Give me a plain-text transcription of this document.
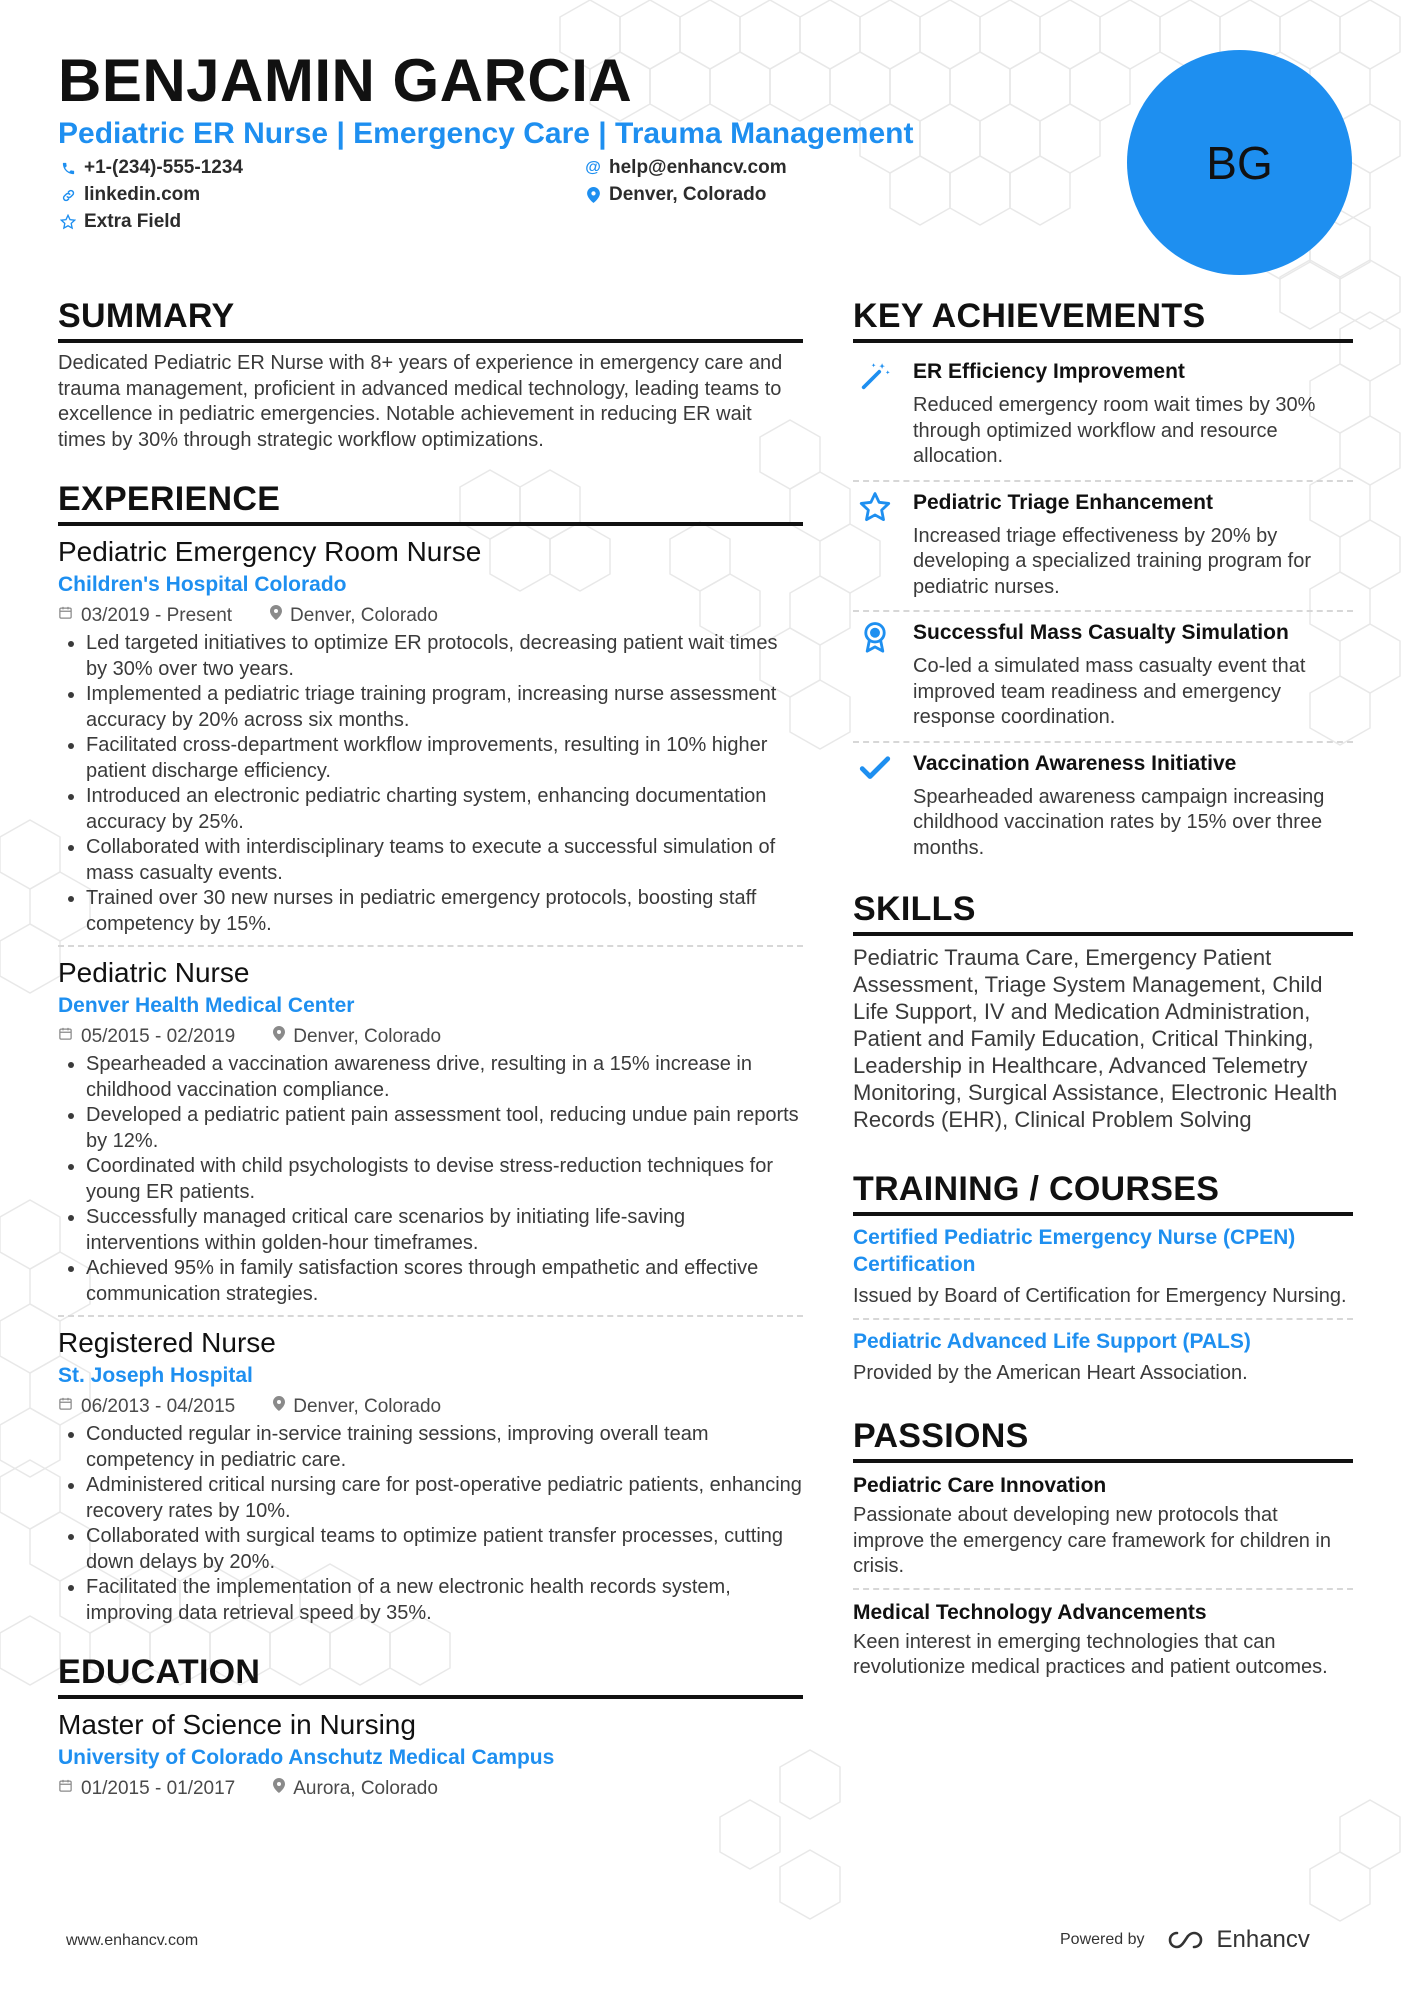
BENJAMIN GARCIA
Pediatric ER Nurse | Emergency Care | Trauma Management
+1-(234)-555-1234	@ help@enhancv.com
linkedin.com	Denver, Colorado
Extra Field
BG
SUMMARY
Dedicated Pediatric ER Nurse with 8+ years of experience in emergency care and trauma management, proficient in advanced medical technology, leading teams to excellence in pediatric emergencies. Notable achievement in reducing ER wait times by 30% through strategic workflow optimizations.
EXPERIENCE
Pediatric Emergency Room Nurse
Children's Hospital Colorado
03/2019 - Present	Denver, Colorado
• Led targeted initiatives to optimize ER protocols, decreasing patient wait times by 30% over two years.
• Implemented a pediatric triage training program, increasing nurse assessment accuracy by 20% across six months.
• Facilitated cross-department workflow improvements, resulting in 10% higher patient discharge efficiency.
• Introduced an electronic pediatric charting system, enhancing documentation accuracy by 25%.
• Collaborated with interdisciplinary teams to execute a successful simulation of mass casualty events.
• Trained over 30 new nurses in pediatric emergency protocols, boosting staff competency by 15%.
Pediatric Nurse
Denver Health Medical Center
05/2015 - 02/2019	Denver, Colorado
• Spearheaded a vaccination awareness drive, resulting in a 15% increase in childhood vaccination compliance.
• Developed a pediatric patient pain assessment tool, reducing undue pain reports by 12%.
• Coordinated with child psychologists to devise stress-reduction techniques for young ER patients.
• Successfully managed critical care scenarios by initiating life-saving interventions within golden-hour timeframes.
• Achieved 95% in family satisfaction scores through empathetic and effective communication strategies.
Registered Nurse
St. Joseph Hospital
06/2013 - 04/2015	Denver, Colorado
• Conducted regular in-service training sessions, improving overall team competency in pediatric care.
• Administered critical nursing care for post-operative pediatric patients, enhancing recovery rates by 10%.
• Collaborated with surgical teams to optimize patient transfer processes, cutting down delays by 20%.
• Facilitated the implementation of a new electronic health records system, improving data retrieval speed by 35%.
EDUCATION
Master of Science in Nursing
University of Colorado Anschutz Medical Campus
01/2015 - 01/2017	Aurora, Colorado
KEY ACHIEVEMENTS
ER Efficiency Improvement
Reduced emergency room wait times by 30% through optimized workflow and resource allocation.
Pediatric Triage Enhancement
Increased triage effectiveness by 20% by developing a specialized training program for pediatric nurses.
Successful Mass Casualty Simulation
Co-led a simulated mass casualty event that improved team readiness and emergency response coordination.
Vaccination Awareness Initiative
Spearheaded awareness campaign increasing childhood vaccination rates by 15% over three months.
SKILLS
Pediatric Trauma Care, Emergency Patient Assessment, Triage System Management, Child Life Support, IV and Medication Administration, Patient and Family Education, Critical Thinking, Leadership in Healthcare, Advanced Telemetry Monitoring, Surgical Assistance, Electronic Health Records (EHR), Clinical Problem Solving
TRAINING / COURSES
Certified Pediatric Emergency Nurse (CPEN) Certification
Issued by Board of Certification for Emergency Nursing.
Pediatric Advanced Life Support (PALS)
Provided by the American Heart Association.
PASSIONS
Pediatric Care Innovation
Passionate about developing new protocols that improve the emergency care framework for children in crisis.
Medical Technology Advancements
Keen interest in emerging technologies that can revolutionize medical practices and patient outcomes.
www.enhancv.com	Powered by	Enhancv
